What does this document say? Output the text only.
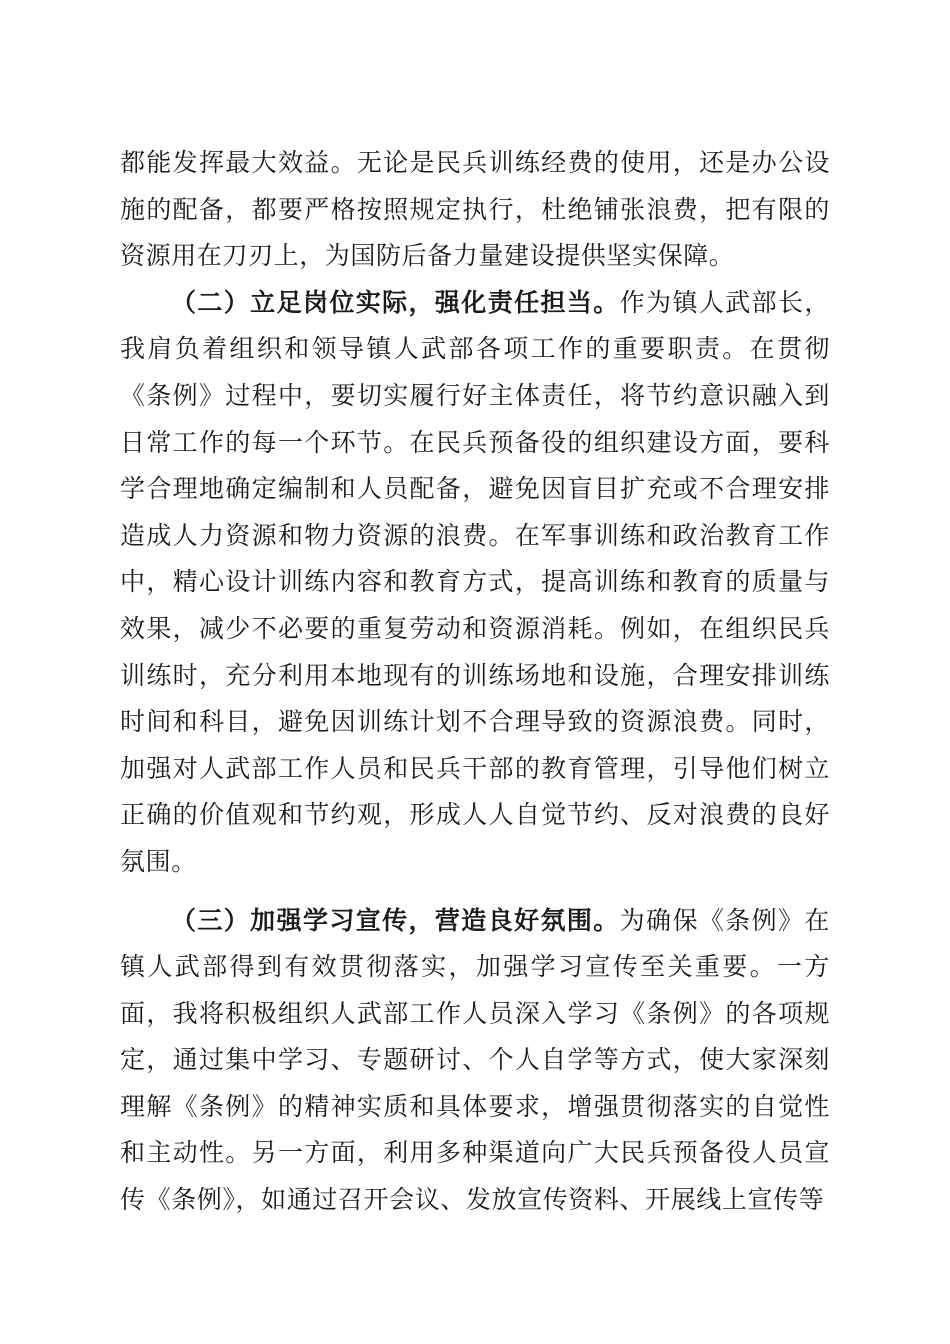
都能发挥最大效益。无论是民兵训练经费的使用，还是办公设施的配备，都要严格按照规定执行，杜绝铺张浪费，把有限的资源用在刀刃上，为国防后备力量建设提供坚实保障。

（二）立足岗位实际，强化责任担当。作为镇人武部长，我肩负着组织和领导镇人武部各项工作的重要职责。在贯彻《条例》过程中，要切实履行好主体责任，将节约意识融入到日常工作的每一个环节。在民兵预备役的组织建设方面，要科学合理地确定编制和人员配备，避免因盲目扩充或不合理安排造成人力资源和物力资源的浪费。在军事训练和政治教育工作中，精心设计训练内容和教育方式，提高训练和教育的质量与效果，减少不必要的重复劳动和资源消耗。例如，在组织民兵训练时，充分利用本地现有的训练场地和设施，合理安排训练时间和科目，避免因训练计划不合理导致的资源浪费。同时，加强对人武部工作人员和民兵干部的教育管理，引导他们树立正确的价值观和节约观，形成人人自觉节约、反对浪费的良好氛围。

（三）加强学习宣传，营造良好氛围。为确保《条例》在镇人武部得到有效贯彻落实，加强学习宣传至关重要。一方面，我将积极组织人武部工作人员深入学习《条例》的各项规定，通过集中学习、专题研讨、个人自学等方式，使大家深刻理解《条例》的精神实质和具体要求，增强贯彻落实的自觉性和主动性。另一方面，利用多种渠道向广大民兵预备役人员宣传《条例》，如通过召开会议、发放宣传资料、开展线上宣传等
